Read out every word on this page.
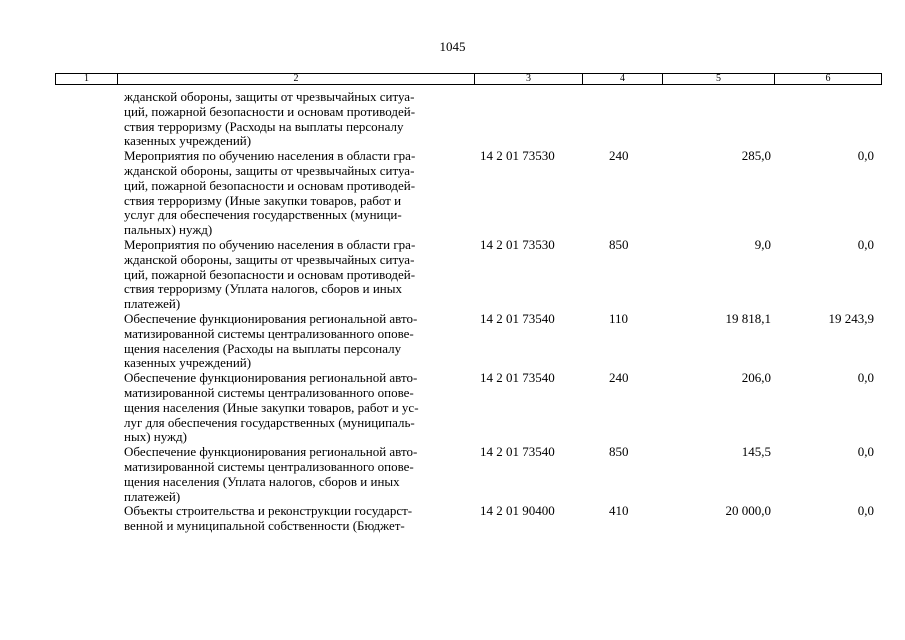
1045
1	2	3	4	5	6
жданской обороны, защиты от чрезвычайных ситуа-
ций, пожарной безопасности и основам противодей-
ствия терроризму (Расходы на выплаты персоналу
казенных учреждений)
Мероприятия по обучению населения в области гра-
жданской обороны, защиты от чрезвычайных ситуа-
ций, пожарной безопасности и основам противодей-
ствия терроризму (Иные закупки товаров, работ и
услуг для обеспечения государственных (муници-
пальных) нужд)
14 2 01 73530	240	285,0	0,0
Мероприятия по обучению населения в области гра-
жданской обороны, защиты от чрезвычайных ситуа-
ций, пожарной безопасности и основам противодей-
ствия терроризму (Уплата налогов, сборов и иных
платежей)
14 2 01 73530	850	9,0	0,0
Обеспечение функционирования региональной авто-
матизированной системы централизованного опове-
щения населения (Расходы на выплаты персоналу
казенных учреждений)
14 2 01 73540	110	19 818,1	19 243,9
Обеспечение функционирования региональной авто-
матизированной системы централизованного опове-
щения населения (Иные закупки товаров, работ и ус-
луг для обеспечения государственных (муниципаль-
ных) нужд)
14 2 01 73540	240	206,0	0,0
Обеспечение функционирования региональной авто-
матизированной системы централизованного опове-
щения населения (Уплата налогов, сборов и иных
платежей)
14 2 01 73540	850	145,5	0,0
Объекты строительства и реконструкции государст-
венной и муниципальной собственности (Бюджет-
14 2 01 90400	410	20 000,0	0,0
